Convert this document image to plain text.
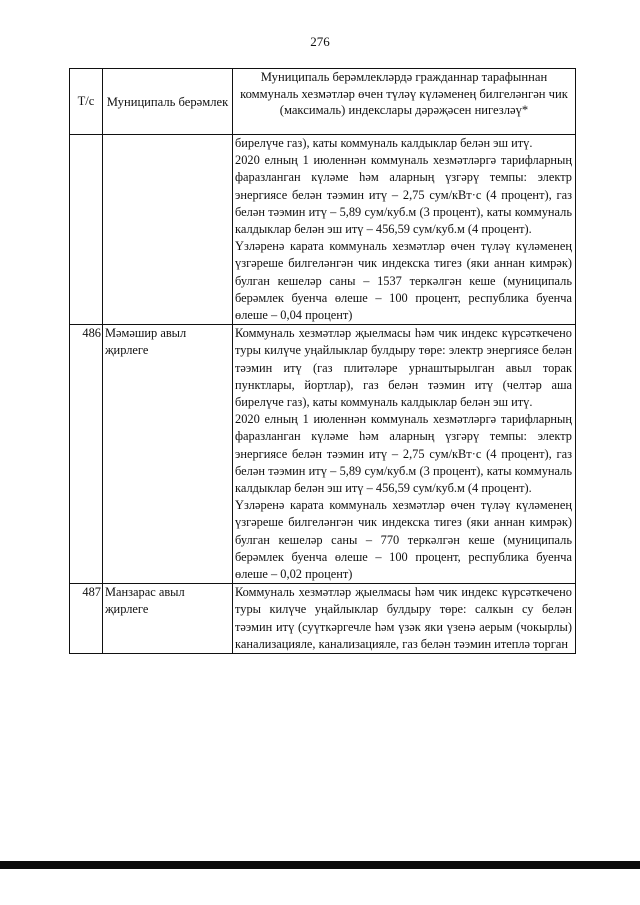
276
Т/с	Муниципаль берәмлек	Муниципаль берәмлекләрдә гражданнар тарафыннан коммуналь хезмәтләр өчен түләү күләменең билгеләнгән чик (максималь) индекслары дәрәҗәсен нигезләү*

		бирелүче газ), каты коммуналь калдыклар белән эш итү.
2020 елның 1 июленнән коммуналь хезмәтләргә тарифларның фаразланган күләме һәм аларның үзгәрү темпы: электр энергиясе белән тәэмин итү – 2,75 сум/кВт·с (4 процент), газ белән тәэмин итү – 5,89 сум/куб.м (3 процент), каты коммуналь калдыклар белән эш итү – 456,59 сум/куб.м (4 процент).
Үзләренә карата коммуналь хезмәтләр өчен түләү күләменең үзгәреше билгеләнгән чик индекска тигез (яки аннан кимрәк) булган кешеләр саны – 1537 теркәлгән кеше (муниципаль берәмлек буенча өлеше – 100 процент, республика буенча өлеше – 0,04 процент)

486	Мәмәшир авыл җирлеге	Коммуналь хезмәтләр җыелмасы һәм чик индекс күрсәткечено туры килүче уңайлыклар булдыру төре: электр энергиясе белән тәэмин итү (газ плитәләре урнаштырылган авыл торак пунктлары, йортлар), газ белән тәэмин итү (челтәр аша бирелүче газ), каты коммуналь калдыклар белән эш итү.
2020 елның 1 июленнән коммуналь хезмәтләргә тарифларның фаразланган күләме һәм аларның үзгәрү темпы: электр энергиясе белән тәэмин итү – 2,75 сум/кВт·с (4 процент), газ белән тәэмин итү – 5,89 сум/куб.м (3 процент), каты коммуналь калдыклар белән эш итү – 456,59 сум/куб.м (4 процент).
Үзләренә карата коммуналь хезмәтләр өчен түләү күләменең үзгәреше билгеләнгән чик индекска тигез (яки аннан кимрәк) булган кешеләр саны – 770 теркәлгән кеше (муниципаль берәмлек буенча өлеше – 100 процент, республика буенча өлеше – 0,02 процент)

487	Манзарас авыл җирлеге	Коммуналь хезмәтләр җыелмасы һәм чик индекс күрсәткечено туры килүче уңайлыклар булдыру төре: салкын су белән тәэмин итү (суүткәргечле һәм үзәк яки үзенә аерым (чокырлы) канализацияле, канализацияле, газ белән тәэмин итеплә торган
